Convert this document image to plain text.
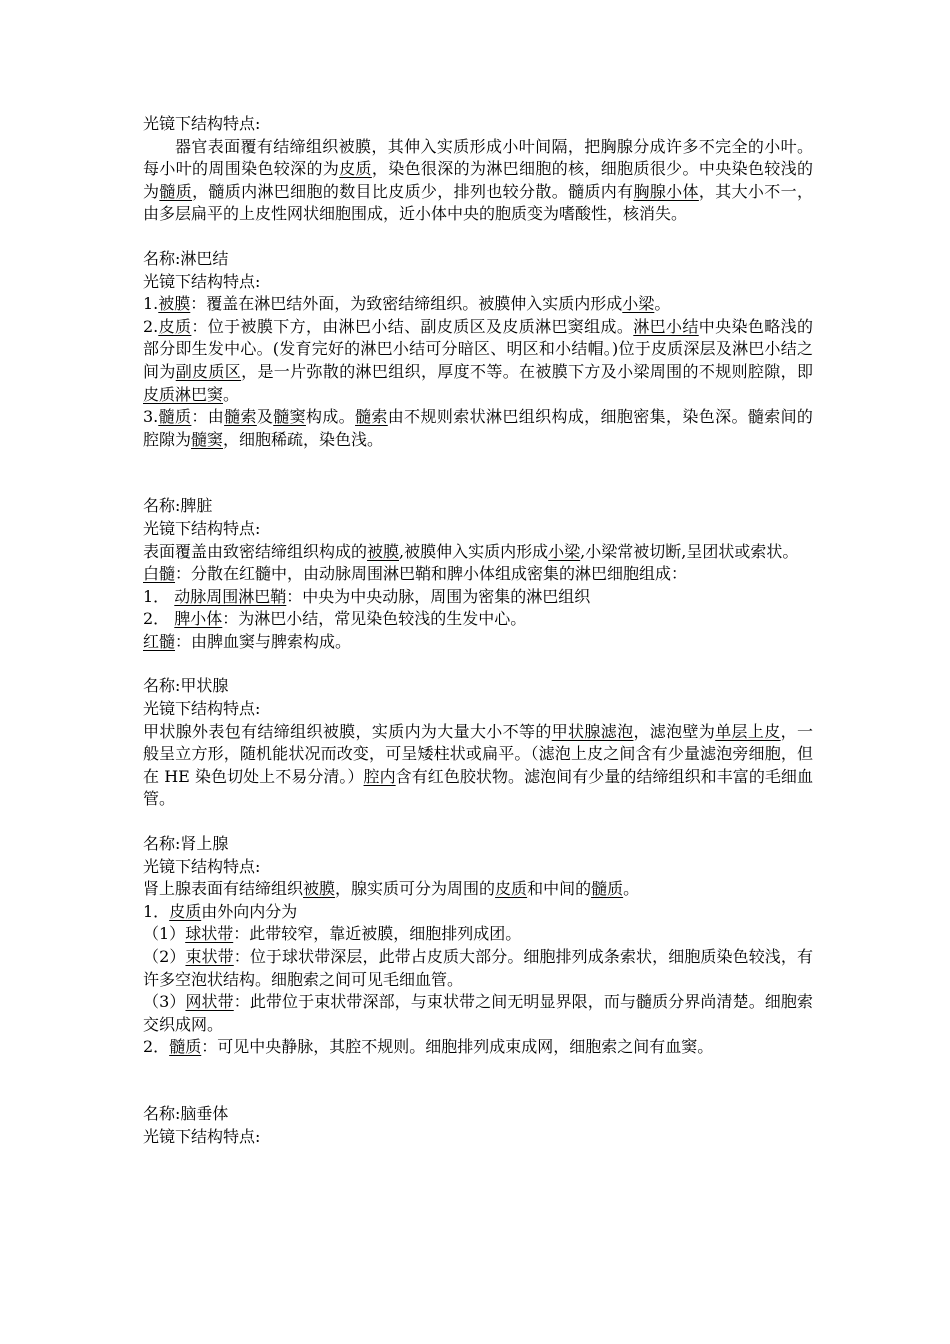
光镜下结构特点:

器官表面覆有结缔组织被膜，其伸入实质形成小叶间隔，把胸腺分成许多不完全的小叶。每小叶的周围染色较深的为皮质，染色很深的为淋巴细胞的核，细胞质很少。中央染色较浅的为髓质，髓质内淋巴细胞的数目比皮质少，排列也较分散。髓质内有胸腺小体，其大小不一，由多层扁平的上皮性网状细胞围成，近小体中央的胞质变为嗜酸性，核消失。

名称:淋巴结

光镜下结构特点:

1.被膜：覆盖在淋巴结外面，为致密结缔组织。被膜伸入实质内形成小梁。

2.皮质：位于被膜下方，由淋巴小结、副皮质区及皮质淋巴窦组成。淋巴小结中央染色略浅的部分即生发中心。(发育完好的淋巴小结可分暗区、明区和小结帽。)位于皮质深层及淋巴小结之间为副皮质区，是一片弥散的淋巴组织，厚度不等。在被膜下方及小梁周围的不规则腔隙，即皮质淋巴窦。

3.髓质：由髓索及髓窦构成。髓索由不规则索状淋巴组织构成，细胞密集，染色深。髓索间的腔隙为髓窦，细胞稀疏，染色浅。

名称:脾脏

光镜下结构特点:

表面覆盖由致密结缔组织构成的被膜,被膜伸入实质内形成小梁,小梁常被切断,呈团状或索状。

白髓：分散在红髓中，由动脉周围淋巴鞘和脾小体组成密集的淋巴细胞组成：

1． 动脉周围淋巴鞘：中央为中央动脉，周围为密集的淋巴组织

2． 脾小体：为淋巴小结，常见染色较浅的生发中心。

红髓：由脾血窦与脾索构成。

名称:甲状腺

光镜下结构特点:

甲状腺外表包有结缔组织被膜，实质内为大量大小不等的甲状腺滤泡，滤泡壁为单层上皮，一般呈立方形，随机能状况而改变，可呈矮柱状或扁平。（滤泡上皮之间含有少量滤泡旁细胞，但在 HE 染色切处上不易分清。）腔内含有红色胶状物。滤泡间有少量的结缔组织和丰富的毛细血管。

名称:肾上腺

光镜下结构特点:

肾上腺表面有结缔组织被膜，腺实质可分为周围的皮质和中间的髓质。

1．皮质由外向内分为

（1）球状带：此带较窄，靠近被膜，细胞排列成团。

（2）束状带：位于球状带深层，此带占皮质大部分。细胞排列成条索状，细胞质染色较浅，有许多空泡状结构。细胞索之间可见毛细血管。

（3）网状带：此带位于束状带深部，与束状带之间无明显界限，而与髓质分界尚清楚。细胞索交织成网。

2．髓质：可见中央静脉，其腔不规则。细胞排列成束成网，细胞索之间有血窦。

名称:脑垂体

光镜下结构特点:
